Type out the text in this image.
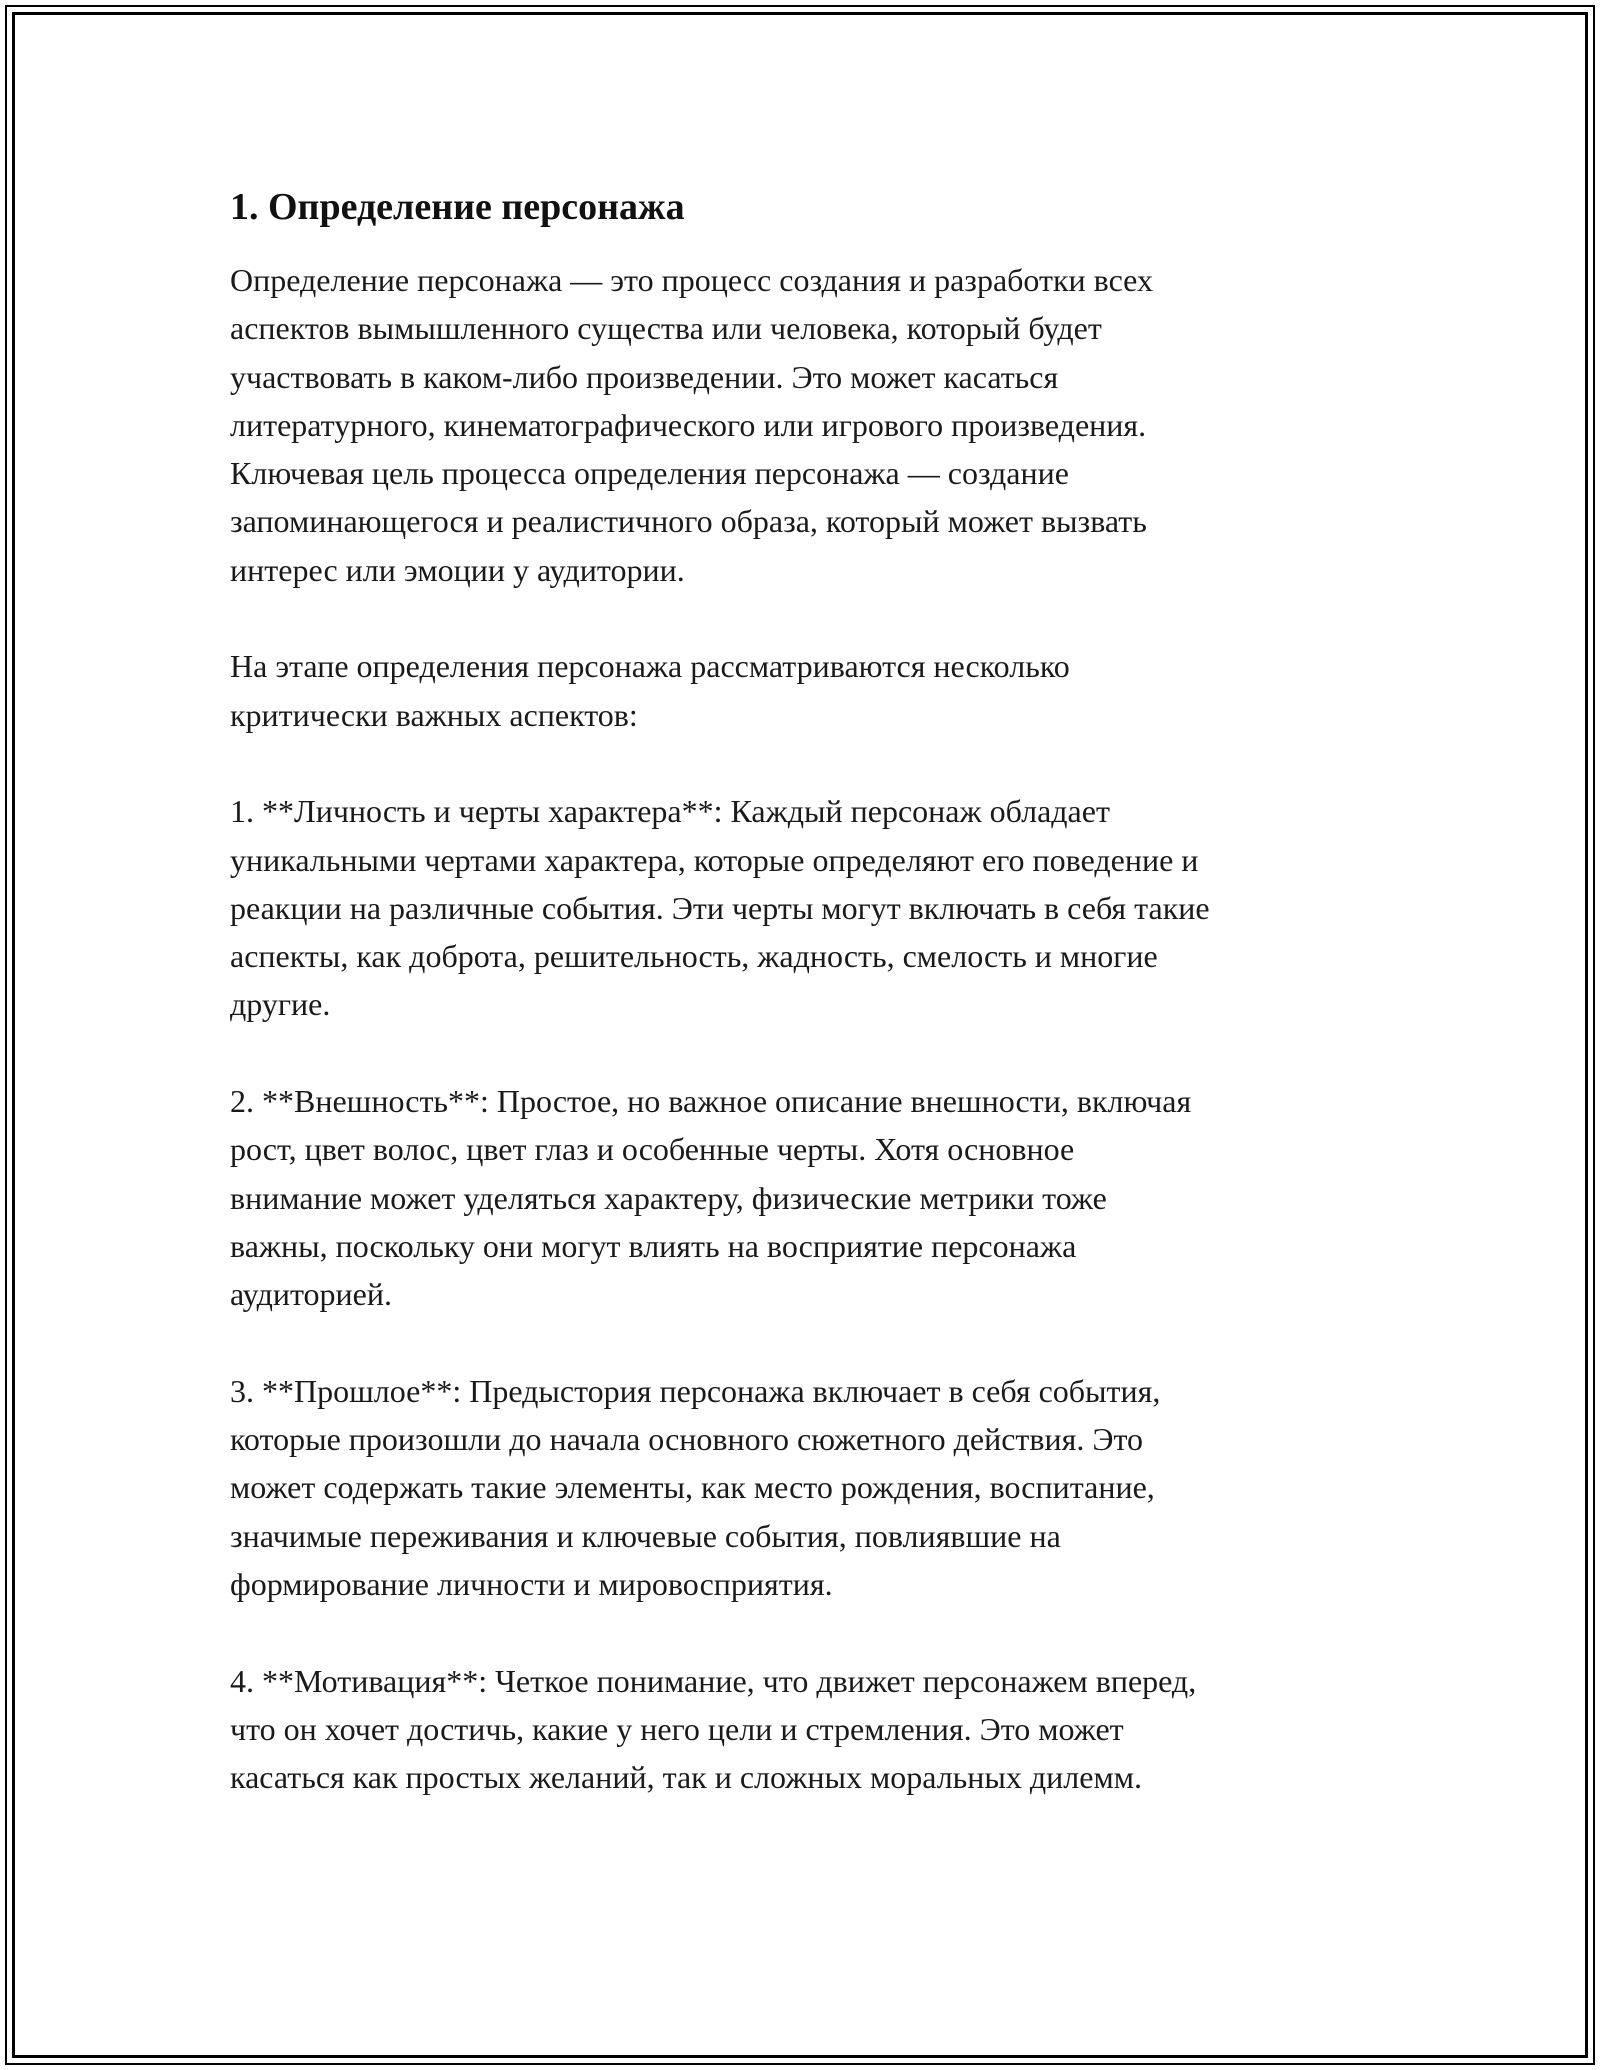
1. Определение персонажа

Определение персонажа — это процесс создания и разработки всех
аспектов вымышленного существа или человека, который будет
участвовать в каком-либо произведении. Это может касаться
литературного, кинематографического или игрового произведения.
Ключевая цель процесса определения персонажа — создание
запоминающегося и реалистичного образа, который может вызвать
интерес или эмоции у аудитории.

На этапе определения персонажа рассматриваются несколько
критически важных аспектов:

1. **Личность и черты характера**: Каждый персонаж обладает
уникальными чертами характера, которые определяют его поведение и
реакции на различные события. Эти черты могут включать в себя такие
аспекты, как доброта, решительность, жадность, смелость и многие
другие.

2. **Внешность**: Простое, но важное описание внешности, включая
рост, цвет волос, цвет глаз и особенные черты. Хотя основное
внимание может уделяться характеру, физические метрики тоже
важны, поскольку они могут влиять на восприятие персонажа
аудиторией.

3. **Прошлое**: Предыстория персонажа включает в себя события,
которые произошли до начала основного сюжетного действия. Это
может содержать такие элементы, как место рождения, воспитание,
значимые переживания и ключевые события, повлиявшие на
формирование личности и мировосприятия.

4. **Мотивация**: Четкое понимание, что движет персонажем вперед,
что он хочет достичь, какие у него цели и стремления. Это может
касаться как простых желаний, так и сложных моральных дилемм.
